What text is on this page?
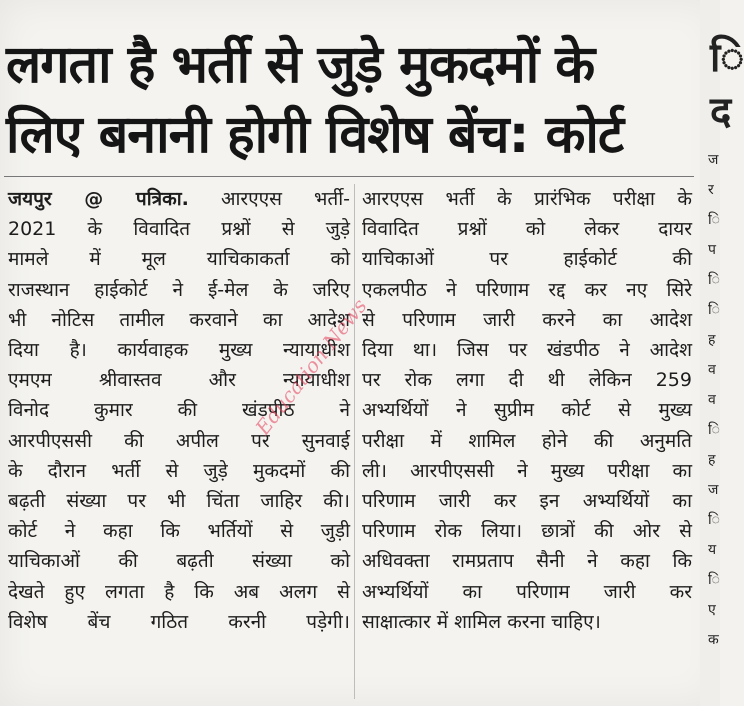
लगता है भर्ती से जुड़े मुकदमों के
लिए बनानी होगी विशेष बेंच: कोर्ट
जयपुर @ पत्रिका. आरएएस भर्ती-
2021 के विवादित प्रश्नों से जुड़े
मामले में मूल याचिकाकर्ता को
राजस्थान हाईकोर्ट ने ई-मेल के जरिए
भी नोटिस तामील करवाने का आदेश
दिया है। कार्यवाहक मुख्य न्यायाधीश
एमएम श्रीवास्तव और न्यायाधीश
विनोद कुमार की खंडपीठ ने
आरपीएससी की अपील पर सुनवाई
के दौरान भर्ती से जुड़े मुकदमों की
बढ़ती संख्या पर भी चिंता जाहिर की।
कोर्ट ने कहा कि भर्तियों से जुड़ी
याचिकाओं की बढ़ती संख्या को
देखते हुए लगता है कि अब अलग से
विशेष बेंच गठित करनी पड़ेगी।
आरएएस भर्ती के प्रारंभिक परीक्षा के
विवादित प्रश्नों को लेकर दायर
याचिकाओं पर हाईकोर्ट की
एकलपीठ ने परिणाम रद्द कर नए सिरे
से परिणाम जारी करने का आदेश
दिया था। जिस पर खंडपीठ ने आदेश
पर रोक लगा दी थी लेकिन 259
अभ्यर्थियों ने सुप्रीम कोर्ट से मुख्य
परीक्षा में शामिल होने की अनुमति
ली। आरपीएससी ने मुख्य परीक्षा का
परिणाम जारी कर इन अभ्यर्थियों का
परिणाम रोक लिया। छात्रों की ओर से
अधिवक्ता रामप्रताप सैनी ने कहा कि
अभ्यर्थियों का परिणाम जारी कर
साक्षात्कार में शामिल करना चाहिए।
Education News
ि
द
ज
र
ि
प
ि
ि
ह
व
व
ि
ह
ज
ि
य
ि
ए
क
